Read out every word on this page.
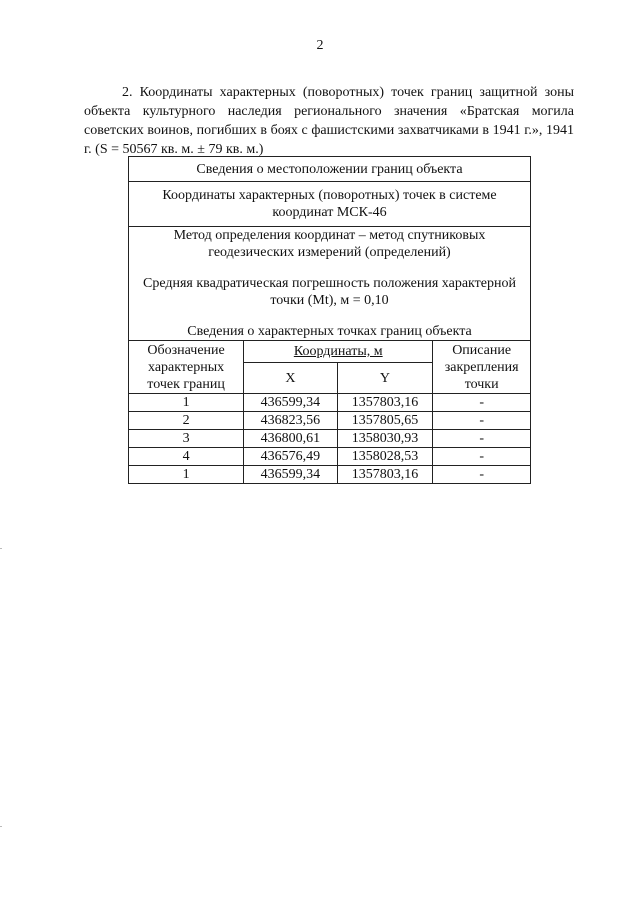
2

2. Координаты характерных (поворотных) точек границ защитной зоны объекта культурного наследия регионального значения «Братская могила советских воинов, погибших в боях с фашистскими захватчиками в 1941 г.», 1941 г. (S = 50567 кв. м. ± 79 кв. м.)

Сведения о местоположении границ объекта			
Координаты характерных (поворотных) точек в системе координат МСК-46			

Метод определения координат – метод спутниковых геодезических измерений (определений)

Средняя квадратическая погрешность положения характерной точки (Mt), м = 0,10

Сведения о характерных точках границ объекта			

Обозначение характерных точек границ	Координаты, м		Описание закрепления точки
	X	Y	
1	436599,34	1357803,16	-
2	436823,56	1357805,65	-
3	436800,61	1358030,93	-
4	436576,49	1358028,53	-
1	436599,34	1357803,16	-
